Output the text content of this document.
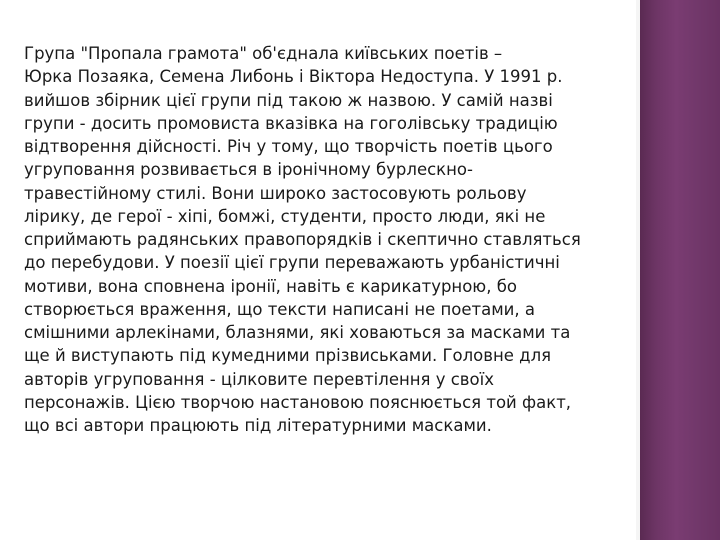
Група "Пропала грамота" об'єднала київських поетів –
Юрка Позаяка, Семена Либонь і Віктора Недоступа. У 1991 р.
вийшов збірник цієї групи під такою ж назвою. У самій назві
групи - досить промовиста вказівка на гоголівську традицію
відтворення дійсності. Річ у тому, що творчість поетів цього
угруповання розвивається в іронічному бурлескно-
травестійному стилі. Вони широко застосовують рольову
лірику, де герої - хіпі, бомжі, студенти, просто люди, які не
сприймають радянських правопорядків і скептично ставляться
до перебудови. У поезії цієї групи переважають урбаністичні
мотиви, вона сповнена іронії, навіть є карикатурною, бо
створюється враження, що тексти написані не поетами, а
смішними арлекінами, блазнями, які ховаються за масками та
ще й виступають під кумедними прізвиськами. Головне для
авторів угруповання - цілковите перевтілення у своїх
персонажів. Цією творчою настановою пояснюється той факт,
що всі автори працюють під літературними масками.
